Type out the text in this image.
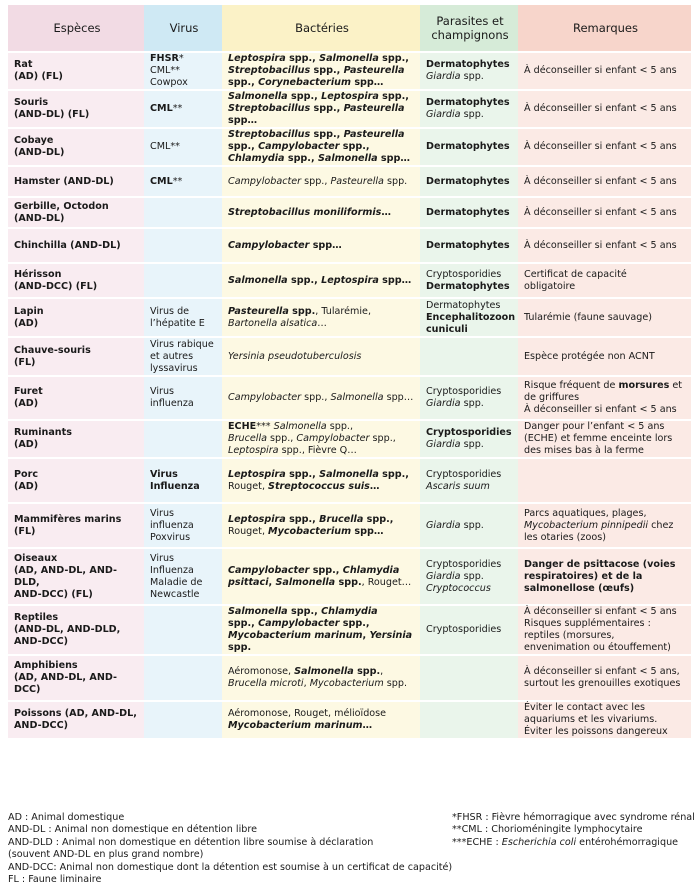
Espèces	Virus	Bactéries	Parasites et
champignons	Remarques
Rat
(AD) (FL)	FHSR*
CML**
Cowpox	Leptospira spp., Salmonella spp.,
Streptobacillus spp., Pasteurella
spp., Corynebacterium spp…	Dermatophytes
Giardia spp.	À déconseiller si enfant < 5 ans
Souris
(AND-DL) (FL)	CML**	Salmonella spp., Leptospira spp.,
Streptobacillus spp., Pasteurella
spp…	Dermatophytes
Giardia spp.	À déconseiller si enfant < 5 ans
Cobaye
(AND-DL)	CML**	Streptobacillus spp., Pasteurella
spp., Campylobacter spp.,
Chlamydia spp., Salmonella spp…	Dermatophytes	À déconseiller si enfant < 5 ans
Hamster (AND-DL)	CML**	Campylobacter spp., Pasteurella spp.	Dermatophytes	À déconseiller si enfant < 5 ans
Gerbille, Octodon
(AND-DL)		Streptobacillus moniliformis…	Dermatophytes	À déconseiller si enfant < 5 ans
Chinchilla (AND-DL)		Campylobacter spp…	Dermatophytes	À déconseiller si enfant < 5 ans
Hérisson
(AND-DCC) (FL)		Salmonella spp., Leptospira spp…	Cryptosporidies
Dermatophytes	Certificat de capacité
obligatoire
Lapin
(AD)	Virus de
l’hépatite E	Pasteurella spp., Tularémie,
Bartonella alsatica…	Dermatophytes
Encephalitozoon
cuniculi	Tularémie (faune sauvage)
Chauve-souris
(FL)	Virus rabique
et autres
lyssavirus	Yersinia pseudotuberculosis		Espèce protégée non ACNT
Furet
(AD)	Virus
influenza	Campylobacter spp., Salmonella spp…	Cryptosporidies
Giardia spp.	Risque fréquent de morsures et
de griffures
À déconseiller si enfant < 5 ans
Ruminants
(AD)		ECHE*** Salmonella spp.,
Brucella spp., Campylobacter spp.,
Leptospira spp., Fièvre Q…	Cryptosporidies
Giardia spp.	Danger pour l’enfant < 5 ans
(ECHE) et femme enceinte lors
des mises bas à la ferme
Porc
(AD)	Virus
Influenza	Leptospira spp., Salmonella spp.,
Rouget, Streptococcus suis…	Cryptosporidies
Ascaris suum	
Mammifères marins
(FL)	Virus
influenza
Poxvirus	Leptospira spp., Brucella spp.,
Rouget, Mycobacterium spp…	Giardia spp.	Parcs aquatiques, plages,
Mycobacterium pinnipedii chez
les otaries (zoos)
Oiseaux
(AD, AND-DL, AND-DLD,
AND-DCC) (FL)	Virus
Influenza
Maladie de
Newcastle	Campylobacter spp., Chlamydia
psittaci, Salmonella spp., Rouget…	Cryptosporidies
Giardia spp.
Cryptococcus	Danger de psittacose (voies
respiratoires) et de la
salmonellose (œufs)
Reptiles
(AND-DL, AND-DLD,
AND-DCC)		Salmonella spp., Chlamydia
spp., Campylobacter spp.,
Mycobacterium marinum, Yersinia
spp.	Cryptosporidies	À déconseiller si enfant < 5 ans
Risques supplémentaires :
reptiles (morsures,
envenimation ou étouffement)
Amphibiens
(AD, AND-DL, AND-DCC)		Aéromonose, Salmonella spp.,
Brucella microti, Mycobacterium spp.		À déconseiller si enfant < 5 ans,
surtout les grenouilles exotiques
Poissons (AD, AND-DL,
AND-DCC)		Aéromonose, Rouget, mélioïdose
Mycobacterium marinum…		Éviter le contact avec les
aquariums et les vivariums.
Éviter les poissons dangereux
AD : Animal domestique
AND-DL : Animal non domestique en détention libre
AND-DLD : Animal non domestique en détention libre soumise à déclaration
(souvent AND-DL en plus grand nombre)
AND-DCC: Animal non domestique dont la détention est soumise à un certificat de capacité)
FL : Faune liminaire
*FHSR : Fièvre hémorragique avec syndrome rénal
**CML : Chorioméningite lymphocytaire
***ECHE : Escherichia coli entérohémorragique
